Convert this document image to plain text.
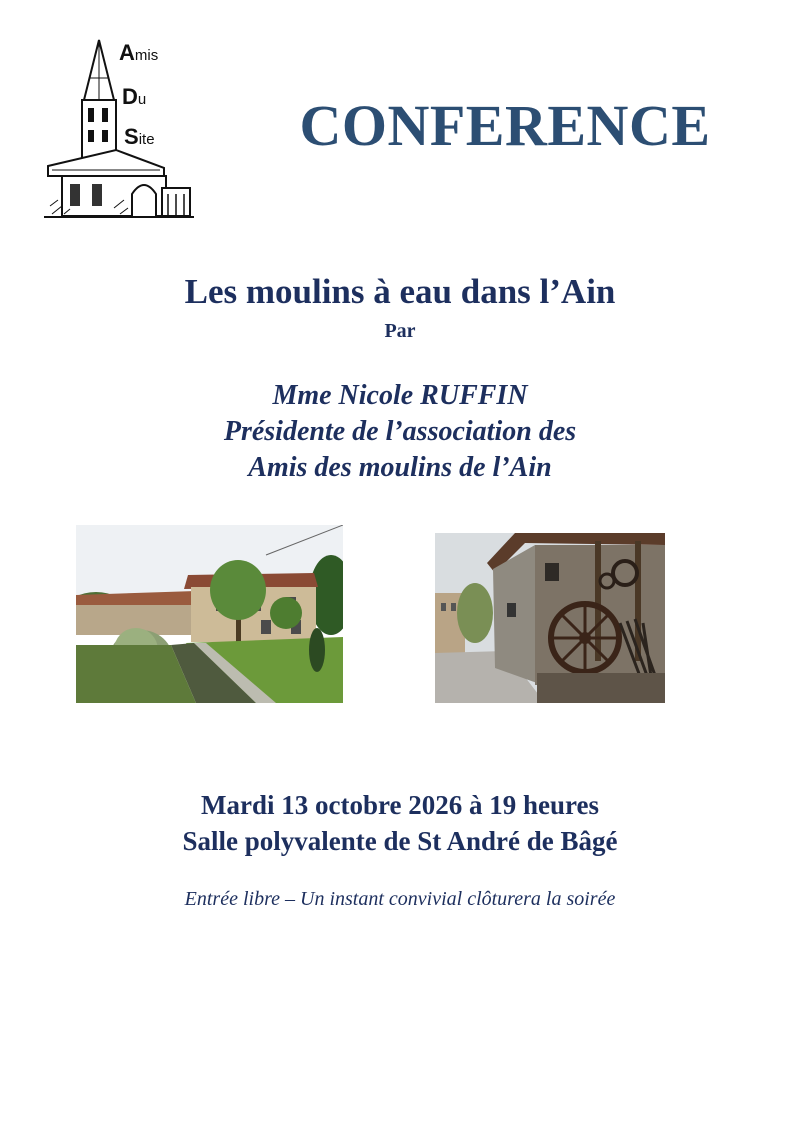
Amis
Du
Site	CONFERENCE
Les moulins à eau dans l’Ain
Par
Mme Nicole RUFFIN
Présidente de l’association des
Amis des moulins de l’Ain
Mardi 13 octobre 2026 à 19 heures
Salle polyvalente de St André de Bâgé
Entrée libre – Un instant convivial clôturera la soirée
